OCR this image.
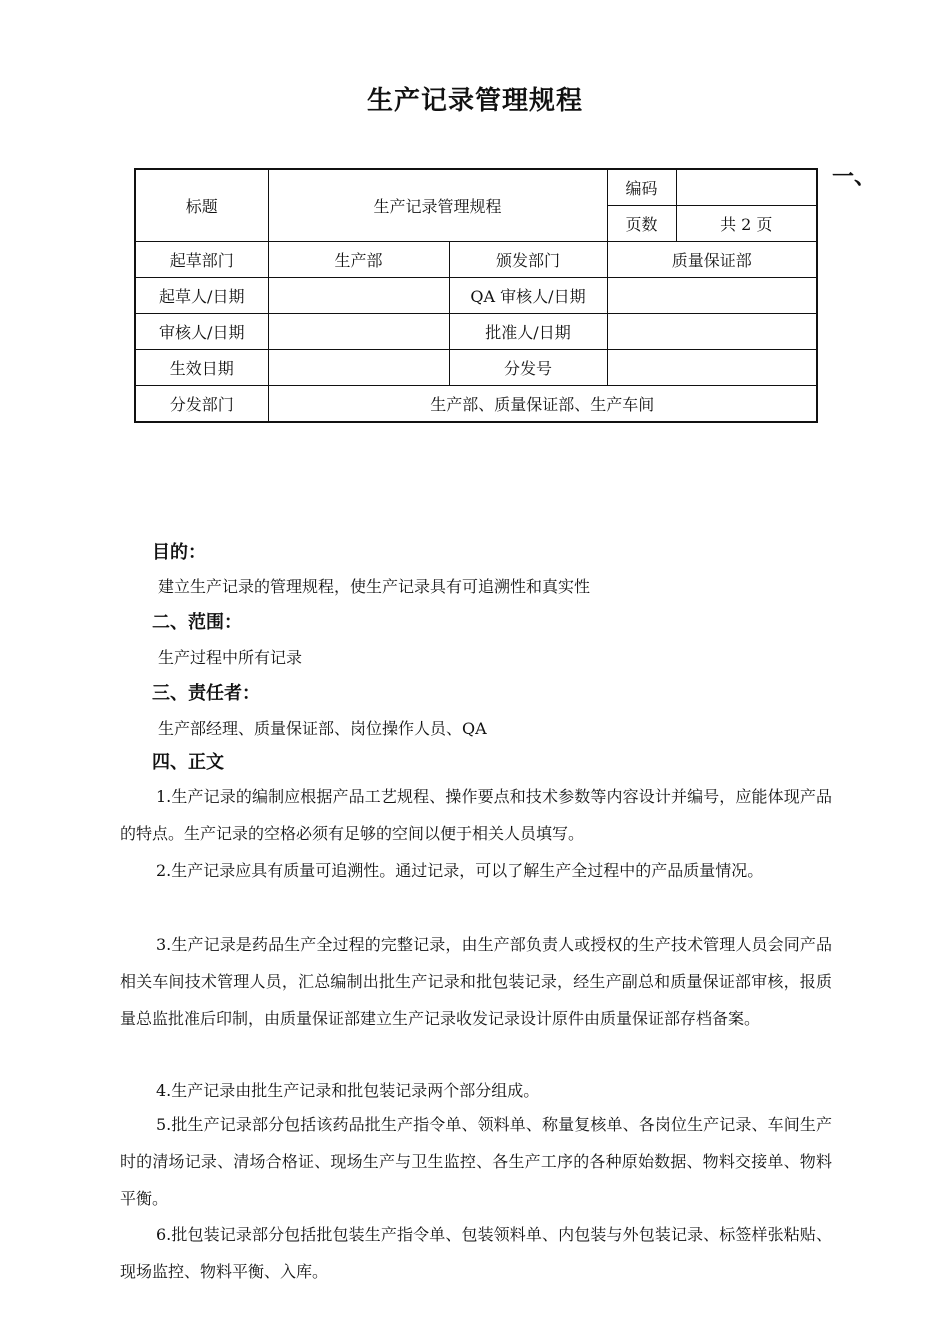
生产记录管理规程
一、
标题	生产记录管理规程		编码	
			页数	共 2 页
起草部门	生产部	颁发部门	质量保证部	
起草人/日期		QA 审核人/日期		
审核人/日期		批准人/日期		
生效日期		分发号		
分发部门	生产部、质量保证部、生产车间			
目的：
建立生产记录的管理规程，使生产记录具有可追溯性和真实性
二、范围：
生产过程中所有记录
三、责任者：
生产部经理、质量保证部、岗位操作人员、QA
四、正文

1.生产记录的编制应根据产品工艺规程、操作要点和技术参数等内容设计并编号，应能体现产品的特点。生产记录的空格必须有足够的空间以便于相关人员填写。

2.生产记录应具有质量可追溯性。通过记录，可以了解生产全过程中的产品质量情况。

3.生产记录是药品生产全过程的完整记录，由生产部负责人或授权的生产技术管理人员会同产品相关车间技术管理人员，汇总编制出批生产记录和批包装记录，经生产副总和质量保证部审核，报质量总监批准后印制，由质量保证部建立生产记录收发记录设计原件由质量保证部存档备案。

4.生产记录由批生产记录和批包装记录两个部分组成。

5.批生产记录部分包括该药品批生产指令单、领料单、称量复核单、各岗位生产记录、车间生产时的清场记录、清场合格证、现场生产与卫生监控、各生产工序的各种原始数据、物料交接单、物料平衡。

6.批包装记录部分包括批包装生产指令单、包装领料单、内包装与外包装记录、标签样张粘贴、现场监控、物料平衡、入库。
